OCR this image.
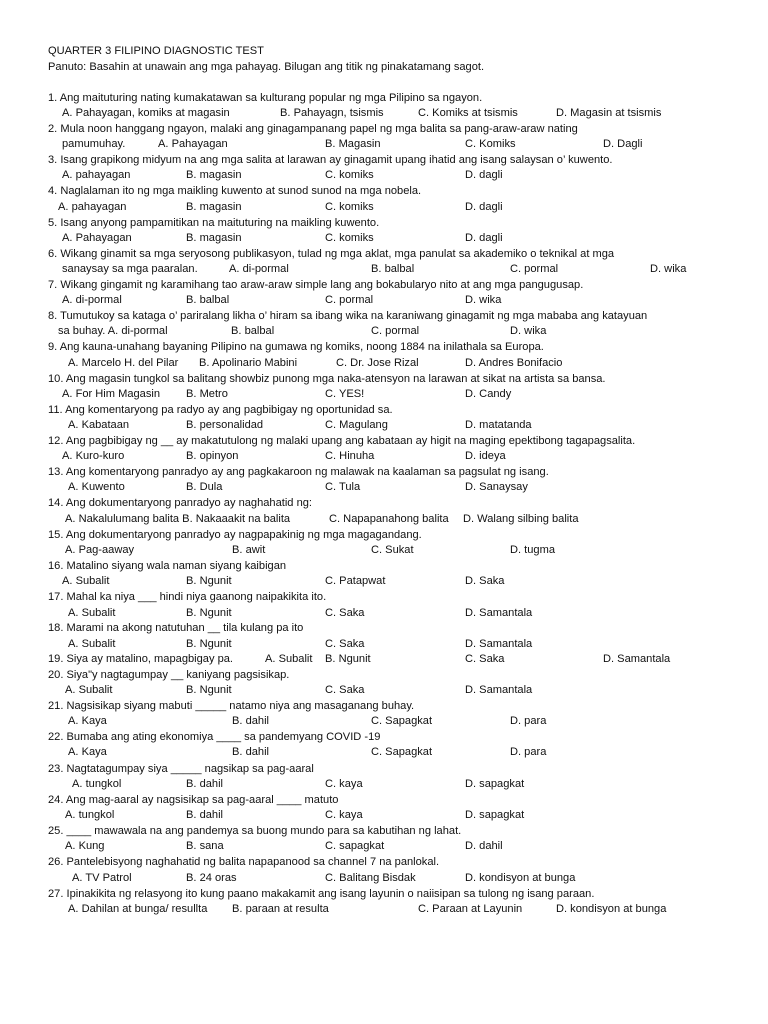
QUARTER 3 FILIPINO DIAGNOSTIC TEST
Panuto: Basahin at unawain ang mga pahayag. Bilugan ang titik ng pinakatamang sagot.
1. Ang maituturing nating kumakatawan sa kulturang popular ng mga Pilipino sa ngayon.
A. Pahayagan, komiks at magasin	B. Pahayagn, tsismis	C. Komiks at tsismis	D. Magasin at tsismis
2. Mula noon hanggang ngayon, malaki ang ginagampanang papel ng mga balita sa pang-araw-araw nating
pamumuhay.	A. Pahayagan	B. Magasin	C. Komiks	D. Dagli
3. Isang grapikong midyum na ang mga salita at larawan ay ginagamit upang ihatid ang isang salaysan o’ kuwento.
A. pahayagan	B. magasin	C. komiks	D. dagli
4. Naglalaman ito ng mga maikling kuwento at sunod sunod na mga nobela.
A. pahayagan	B. magasin	C. komiks	D. dagli
5. Isang anyong pampamitikan na maituturing na maikling kuwento.
A. Pahayagan	B. magasin	C. komiks	D. dagli
6. Wikang ginamit sa mga seryosong publikasyon, tulad ng mga aklat, mga panulat sa akademiko o teknikal at mga
sanaysay sa mga paaralan.	A. di-pormal	B. balbal	C. pormal	D. wika
7. Wikang gingamit ng karamihang tao araw-araw simple lang ang bokabularyo nito at ang mga pangugusap.
A. di-pormal	B. balbal	C. pormal	D. wika
8. Tumutukoy sa kataga o’ pariralang likha o’ hiram sa ibang wika na karaniwang ginagamit ng mga mababa ang katayuan
sa buhay. A. di-pormal	B. balbal	C. pormal	D. wika
9. Ang kauna-unahang bayaning Pilipino na gumawa ng komiks, noong 1884 na inilathala sa Europa.
A. Marcelo H. del Pilar B. Apolinario Mabini	C. Dr. Jose Rizal	D. Andres Bonifacio
10. Ang magasin tungkol sa balitang showbiz punong mga naka-atensyon na larawan at sikat na artista sa bansa.
A. For Him Magasin B. Metro	C. YES!	D. Candy
11. Ang komentaryong pa radyo ay ang pagbibigay ng oportunidad sa.
A. Kabataan	B. personalidad	C. Magulang	D. matatanda
12. Ang pagbibigay ng __ ay makatutulong ng malaki upang ang kabataan ay higit na maging epektibong tagapagsalita.
A. Kuro-kuro	B. opinyon	C. Hinuha	D. ideya
13. Ang komentaryong panradyo ay ang pagkakaroon ng malawak na kaalaman sa pagsulat ng isang.
A. Kuwento	B. Dula	C. Tula	D. Sanaysay
14. Ang dokumentaryong panradyo ay naghahatid ng:
A. Nakalulumang balita B. Nakaaakit na balita	C. Napapanahong balita D. Walang silbing balita
15. Ang dokumentaryong panradyo ay nagpapakinig ng mga magagandang.
A. Pag-aaway	B. awit	C. Sukat	D. tugma
16. Matalino siyang wala naman siyang kaibigan
A. Subalit	B. Ngunit	C. Patapwat	D. Saka
17. Mahal ka niya ___ hindi niya gaanong naipakikita ito.
A. Subalit	B. Ngunit	C. Saka	D. Samantala
18. Marami na akong natutuhan __ tila kulang pa ito
A. Subalit	B. Ngunit	C. Saka	D. Samantala
19. Siya ay matalino, mapagbigay pa.	A. Subalit B. Ngunit	C. Saka	D. Samantala
20. Siya"y nagtagumpay __ kaniyang pagsisikap.
A. Subalit	B. Ngunit	C. Saka	D. Samantala
21. Nagsisikap siyang mabuti _____ natamo niya ang masaganang buhay.
A. Kaya	B. dahil	C. Sapagkat	D. para
22. Bumaba ang ating ekonomiya ____ sa pandemyang COVID -19
A. Kaya	B. dahil	C. Sapagkat	D. para
23. Nagtatagumpay siya _____ nagsikap sa pag-aaral
A. tungkol	B. dahil	C. kaya	D. sapagkat
24. Ang mag-aaral ay nagsisikap sa pag-aaral ____ matuto
A. tungkol	B. dahil	C. kaya	D. sapagkat
25. ____ mawawala na ang pandemya sa buong mundo para sa kabutihan ng lahat.
A. Kung	B. sana	C. sapagkat	D. dahil
26. Pantelebisyong naghahatid ng balita napapanood sa channel 7 na panlokal.
A. TV Patrol	B. 24 oras	C. Balitang Bisdak	D. kondisyon at bunga
27. Ipinakikita ng relasyong ito kung paano makakamit ang isang layunin o naiisipan sa tulong ng isang paraan.
A. Dahilan at bunga/ resullta B. paraan at resulta	C. Paraan at Layunin	D. kondisyon at bunga
